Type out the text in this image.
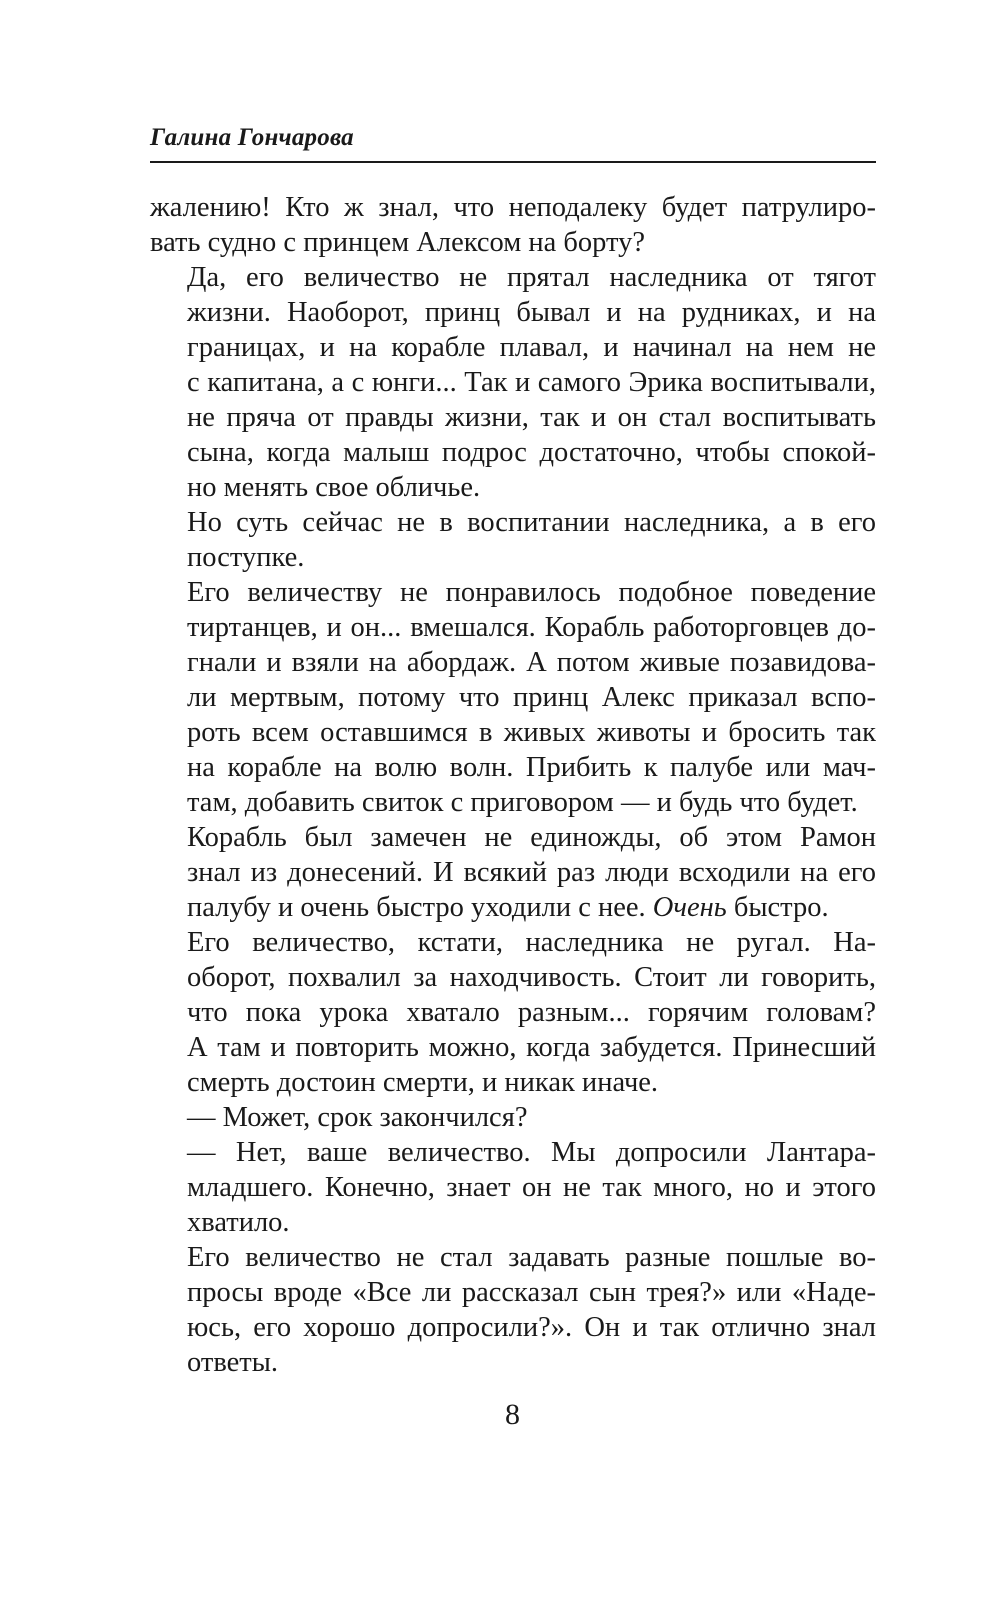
Галина Гончарова

жалению! Кто ж знал, что неподалеку будет патрулиро-
вать судно с принцем Алексом на борту?

Да, его величество не прятал наследника от тягот
жизни. Наоборот, принц бывал и на рудниках, и на
границах, и на корабле плавал, и начинал на нем не
с капитана, а с юнги... Так и самого Эрика воспитывали,
не пряча от правды жизни, так и он стал воспитывать
сына, когда малыш подрос достаточно, чтобы спокой-
но менять свое обличье.

Но суть сейчас не в воспитании наследника, а в его
поступке.

Его величеству не понравилось подобное поведение
тиртанцев, и он... вмешался. Корабль работорговцев до-
гнали и взяли на абордаж. А потом живые позавидова-
ли мертвым, потому что принц Алекс приказал вспо-
роть всем оставшимся в живых животы и бросить так
на корабле на волю волн. Прибить к палубе или мач-
там, добавить свиток с приговором — и будь что будет.

Корабль был замечен не единожды, об этом Рамон
знал из донесений. И всякий раз люди всходили на его
палубу и очень быстро уходили с нее. Очень быстро.

Его величество, кстати, наследника не ругал. На-
оборот, похвалил за находчивость. Стоит ли говорить,
что пока урока хватало разным... горячим головам?
А там и повторить можно, когда забудется. Принесший
смерть достоин смерти, и никак иначе.

— Может, срок закончился?

— Нет, ваше величество. Мы допросили Лантара-
младшего. Конечно, знает он не так много, но и этого
хватило.

Его величество не стал задавать разные пошлые во-
просы вроде «Все ли рассказал сын трея?» или «Наде-
юсь, его хорошо допросили?». Он и так отлично знал
ответы.

8
